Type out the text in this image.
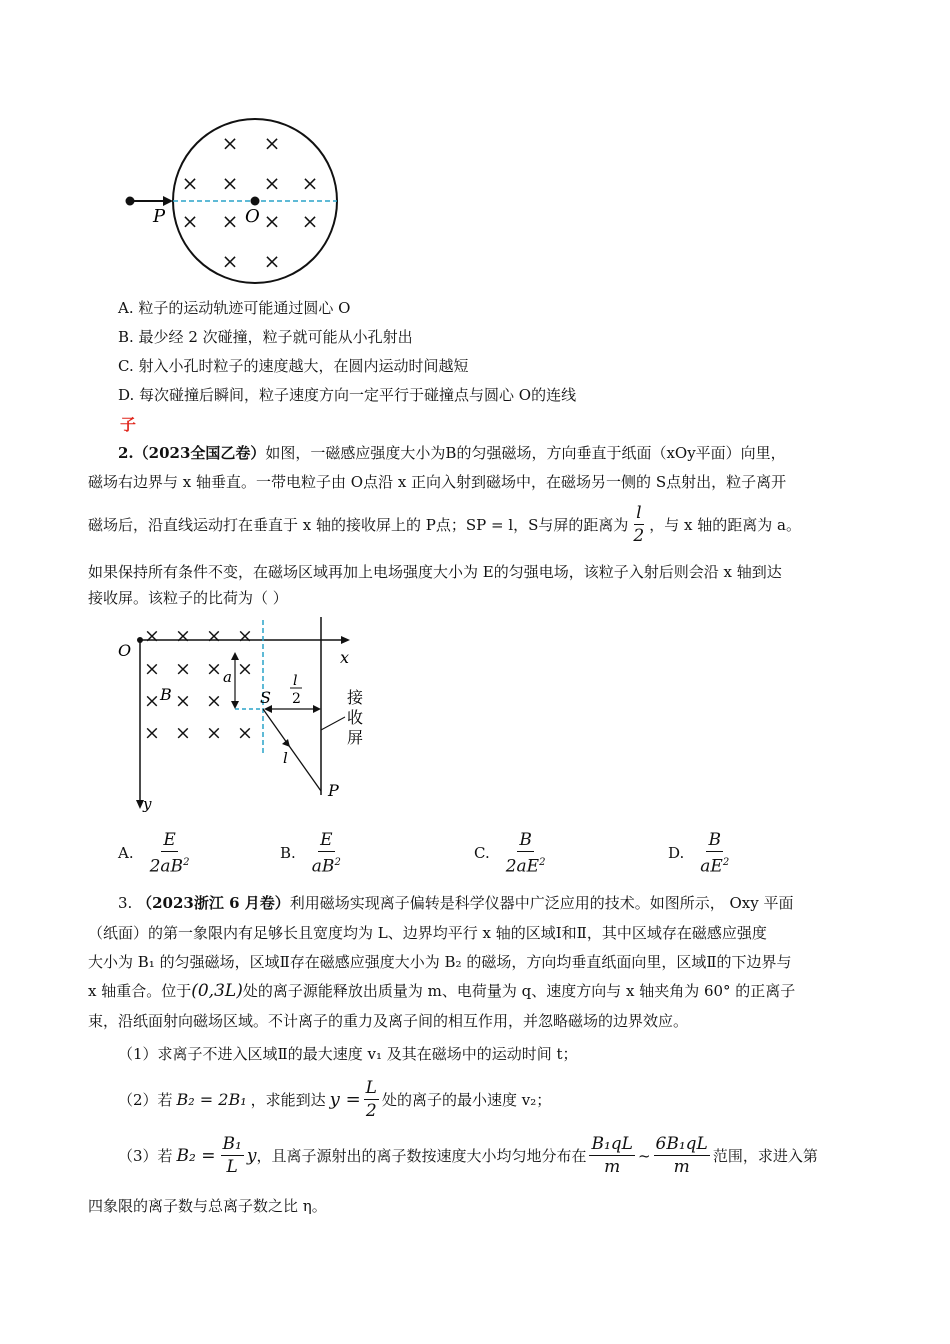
P	O
× ×
× × × ×
× × × ×
× ×
A. 粒子的运动轨迹可能通过圆心 O
B. 最少经 2 次碰撞，粒子就可能从小孔射出
C. 射入小孔时粒子的速度越大，在圆内运动时间越短
D. 每次碰撞后瞬间，粒子速度方向一定平行于碰撞点与圆心 O的连线
子
2.（2023全国乙卷）如图，一磁感应强度大小为B的匀强磁场，方向垂直于纸面（xOy平面）向里，
磁场右边界与 x 轴垂直。一带电粒子由 O点沿 x 正向入射到磁场中，在磁场另一侧的 S点射出，粒子离开
磁场后，沿直线运动打在垂直于 x 轴的接收屏上的 P点；SP = l，S与屏的距离为 $\frac{l}{2}$ ，与 x 轴的距离为 a。
如果保持所有条件不变，在磁场区域再加上电场强度大小为 E的匀强电场，该粒子入射后则会沿 x 轴到达
接收屏。该粒子的比荷为（ ）
O	x
y
a	l
2
S
l
P
接
收
屏
B
× × × ×
× × × ×
× × ×
× × × ×
A. $\frac{E}{2aB^2}$	B. $\frac{E}{aB^2}$	C. $\frac{B}{2aE^2}$	D. $\frac{B}{aE^2}$
3. （2023浙江 6 月卷）利用磁场实现离子偏转是科学仪器中广泛应用的技术。如图所示， Oxy 平面
（纸面）的第一象限内有足够长且宽度均为 L、边界均平行 x 轴的区域Ⅰ和Ⅱ，其中区域存在磁感应强度
大小为 B₁ 的匀强磁场，区域Ⅱ存在磁感应强度大小为 B₂ 的磁场，方向均垂直纸面向里，区域Ⅱ的下边界与
x 轴重合。位于(0,3L)处的离子源能释放出质量为 m、电荷量为 q、速度方向与 x 轴夹角为 60° 的正离子
束，沿纸面射向磁场区域。不计离子的重力及离子间的相互作用，并忽略磁场的边界效应。
（1）求离子不进入区域Ⅱ的最大速度 v₁ 及其在磁场中的运动时间 t；
（2）若 B₂ = 2B₁ ，求能到达 $y = \frac{L}{2}$ 处的离子的最小速度 v₂；
（3）若 $B_2 = \frac{\text{B₁}}{L}$ y ，且离子源射出的离子数按速度大小均匀地分布在 $\frac{\text{B₁qL}}{m}$ ~ $\frac{\text{6B₁qL}}{m}$ 范围，求进入第
四象限的离子数与总离子数之比 η。
